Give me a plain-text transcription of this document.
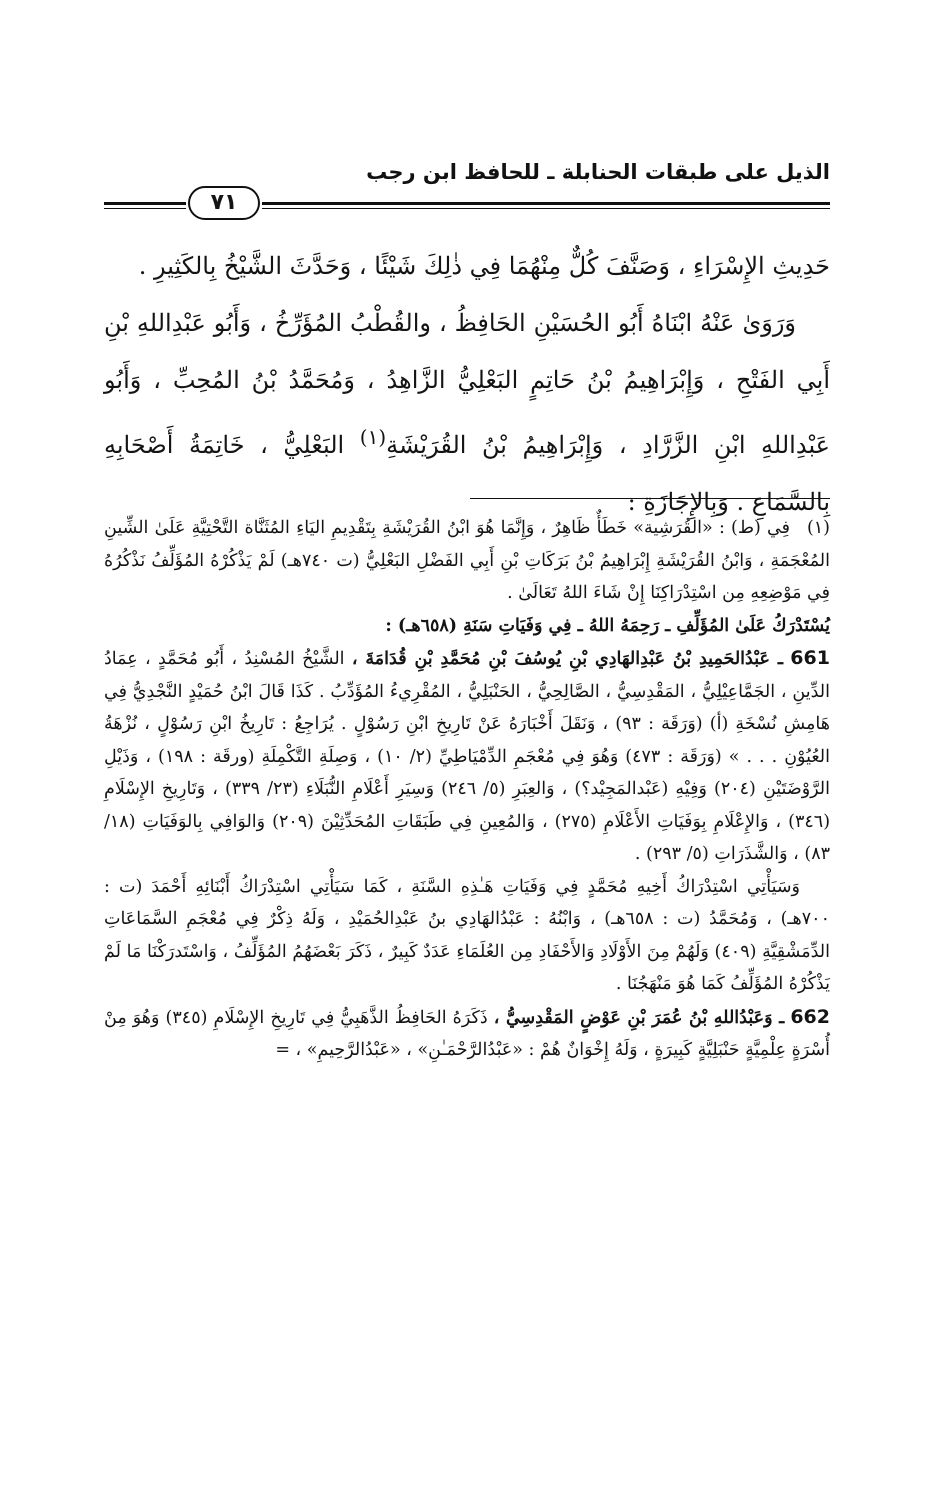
الذيل على طبقات الحنابلة ـ للحافظ ابن رجب
٧١

حَدِيثِ الإِسْرَاءِ ، وَصَنَّفَ كُلٌّ مِنْهُمَا فِي ذٰلِكَ شَيْئًا ، وَحَدَّثَ الشَّيْخُ بِالكَثِيرِ .

وَرَوَىٰ عَنْهُ ابْنَاهُ أَبُو الحُسَيْنِ الحَافِظُ ، والقُطْبُ المُؤَرِّخُ ، وَأَبُو عَبْدِاللهِ بْنِ أَبِي الفَتْحِ ، وَإِبْرَاهِيمُ بْنُ حَاتِمٍ البَعْلِيُّ الزَّاهِدُ ، وَمُحَمَّدُ بْنُ المُحِبِّ ، وَأَبُو عَبْدِاللهِ ابْنِ الزَّرَّادِ ، وَإِبْرَاهِيمُ بْنُ القُرَيْشَةِ$^{(١)}$ البَعْلِيُّ ، خَاتِمَةُ أَصْحَابِهِ بِالسَّمَاعِ . وَبِالإِجَازَةِ :

(١)فِي (ط) : «القُرَشِية» خَطَأٌ ظَاهِرٌ ، وَإِنَّمَا هُوَ ابْنُ القُرَيْشَةِ بِتَقْدِيمِ اليَاءِ المُثَنَّاة التَّحْتِيَّةِ عَلَىٰ الشِّينِ المُعْجَمَةِ ، وَابْنُ القُرَيْشَةِ إِبْرَاهِيمُ بْنُ بَرَكَاتِ بْنِ أَبِي الفَضْلِ البَعْلِيُّ (ت ٧٤٠هـ) لَمْ يَذْكُرْهُ المُؤَلِّفُ نَذْكُرُهُ فِي مَوْضِعِهِ مِن اسْتِدْرَاكِنَا إِنْ شَاءَ اللهُ تَعَالَىٰ .

يُسْتَدْرَكُ عَلَىٰ المُؤَلِّفِ ـ رَحِمَهُ اللهُ ـ فِي وَفَيَاتِ سَنَةِ (٦٥٨هـ) :

661 ـ عَبْدُالحَمِيدِ بْنُ عَبْدِالهَادِي بْنِ يُوسُفَ بْنِ مُحَمَّدِ بْنِ قُدَامَةَ ، الشَّيْخُ المُسْنِدُ ، أَبُو مُحَمَّدٍ ، عِمَادُ الدِّينِ ، الجَمَّاعِيْلِيُّ ، المَقْدِسِيُّ ، الصَّالِحِيُّ ، الحَنْبَلِيُّ ، المُقْرِيءُ المُؤَدِّبُ . كَذَا قَالَ ابْنُ حُمَيْدٍ النَّجْدِيُّ فِي هَامِشِ نُسْخَةِ (أ) (وَرَقَة : ٩٣) ، وَنَقَلَ أَخْبَارَهُ عَنْ تَارِيخِ ابْنِ رَسُوْلٍ . يُرَاجِعُ : تَارِيخُ ابْنِ رَسُوْلٍ ، نُزْهَةُ العُيُوْنِ . . . » (وَرَقَة : ٤٧٣) وَهُوَ فِي مُعْجَمِ الدِّمْيَاطِيِّ (٢/ ١٠) ، وَصِلَةِ التَّكْمِلَةِ (ورقَة : ١٩٨) ، وَذَيْلِ الرَّوْضَتَيْنِ (٢٠٤) وَفِيْهِ (عَبْدالمَجِيْد؟) ، وَالعِبَرِ (٥/ ٢٤٦) وَسِيَرِ أَعْلَامِ النُّبَلَاءِ (٢٣/ ٣٣٩) ، وَتَارِيخِ الإِسْلَامِ (٣٤٦) ، وَالإِعْلَامِ بِوَفَيَاتِ الأَعْلَامِ (٢٧٥) ، وَالمُعِينِ فِي طَبَقَاتِ المُحَدِّثِيْنَ (٢٠٩) وَالوَافِي بِالوَفَيَاتِ (١٨/ ٨٣) ، وَالشَّذَرَاتِ (٥/ ٢٩٣) .

وَسَيَأْتِي اسْتِدْرَاكُ أَخِيهِ مُحَمَّدٍ فِي وَفَيَاتِ هَـٰذِهِ السَّنَةِ ، كَمَا سَيَأْتِي اسْتِدْرَاكُ أَبْنَائِهِ أَحْمَدَ (ت : ٧٠٠هـ) ، وَمُحَمَّدُ (ت : ٦٥٨هـ) ، وَابْنُهُ : عَبْدُالهَادِي بنُ عَبْدِالحُمَيْدِ ، وَلَهُ ذِكْرٌ فِي مُعْجَمِ السَّمَاعَاتِ الدِّمَشْقِيَّةِ (٤٠٩) وَلَهُمْ مِنَ الأَوْلَادِ وَالأَحْفَادِ مِن العُلَمَاءِ عَدَدٌ كَبِيرٌ ، ذَكَرَ بَعْضَهُمُ المُؤَلِّفُ ، وَاسْتَدرَكْنَا مَا لَمْ يَذْكُرْهُ المُؤَلِّفُ كَمَا هُوَ مَنْهَجُنَا .

662 ـ وَعَبْدُاللهِ بْنُ عُمَرَ بْنِ عَوْضٍ المَقْدِسِيُّ ، ذَكَرَهُ الحَافِظُ الذَّهَبِيُّ فِي تَارِيخِ الإِسْلَامِ (٣٤٥) وَهُوَ مِنْ أُسْرَةٍ عِلْمِيَّةٍ حَنْبَلِيَّةٍ كَبِيرَةٍ ، وَلَهُ إِخْوَانٌ هُمْ : «عَبْدُالرَّحْمَـٰنِ» ، «عَبْدُالرَّحِيمِ» ، =
